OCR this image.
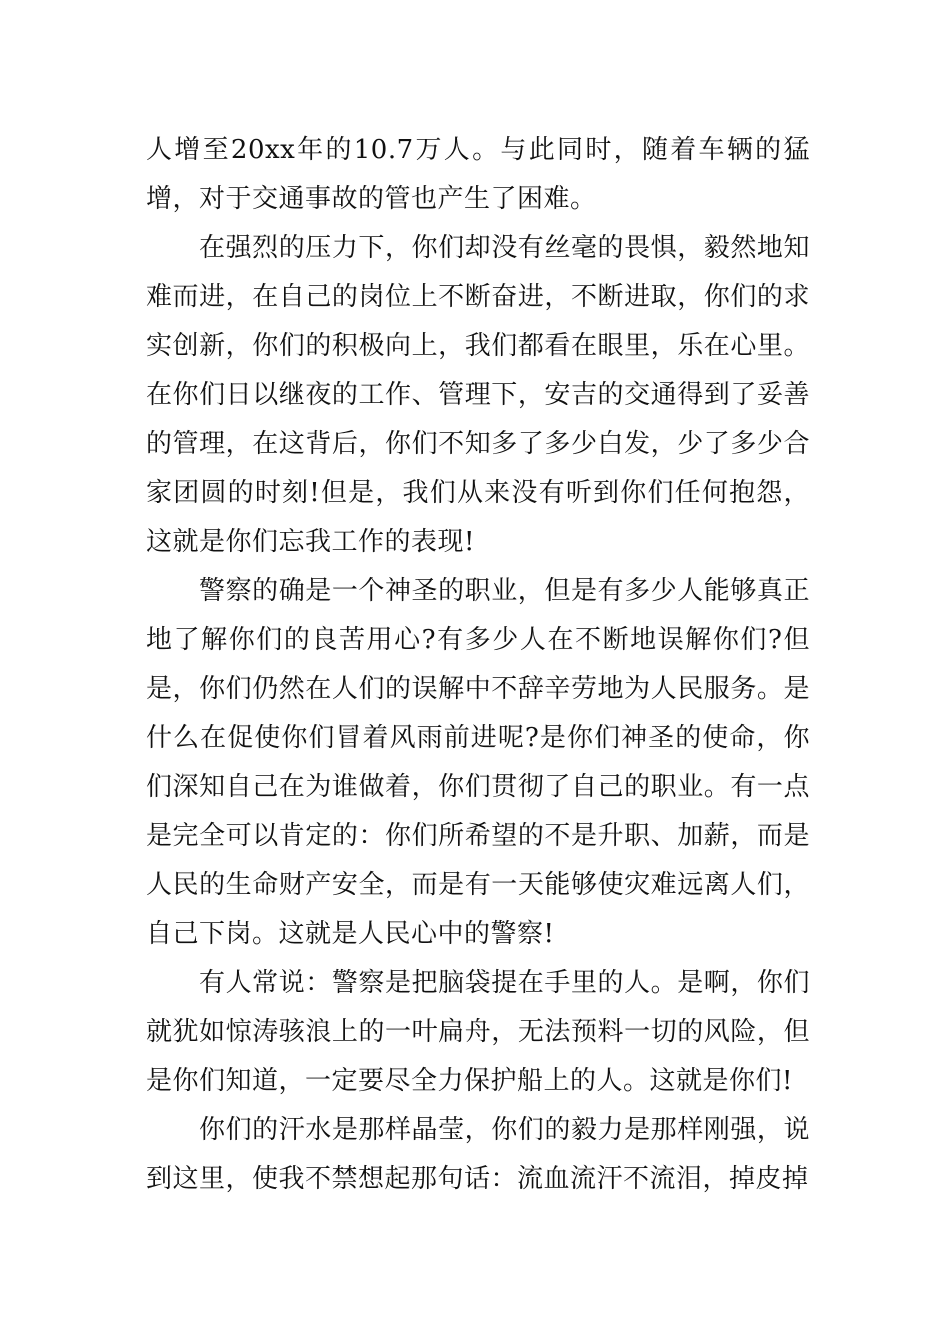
人增至20xx年的10.7万人。与此同时，随着车辆的猛增，对于交通事故的管也产生了困难。

在强烈的压力下，你们却没有丝毫的畏惧，毅然地知难而进，在自己的岗位上不断奋进，不断进取，你们的求实创新，你们的积极向上，我们都看在眼里，乐在心里。在你们日以继夜的工作、管理下，安吉的交通得到了妥善的管理，在这背后，你们不知多了多少白发，少了多少合家团圆的时刻!但是，我们从来没有听到你们任何抱怨，这就是你们忘我工作的表现!

警察的确是一个神圣的职业，但是有多少人能够真正地了解你们的良苦用心?有多少人在不断地误解你们?但是，你们仍然在人们的误解中不辞辛劳地为人民服务。是什么在促使你们冒着风雨前进呢?是你们神圣的使命，你们深知自己在为谁做着，你们贯彻了自己的职业。有一点是完全可以肯定的：你们所希望的不是升职、加薪，而是人民的生命财产安全，而是有一天能够使灾难远离人们，自己下岗。这就是人民心中的警察!

有人常说：警察是把脑袋提在手里的人。是啊，你们就犹如惊涛骇浪上的一叶扁舟，无法预料一切的风险，但是你们知道，一定要尽全力保护船上的人。这就是你们!

你们的汗水是那样晶莹，你们的毅力是那样刚强，说到这里，使我不禁想起那句话：流血流汗不流泪，掉皮掉
